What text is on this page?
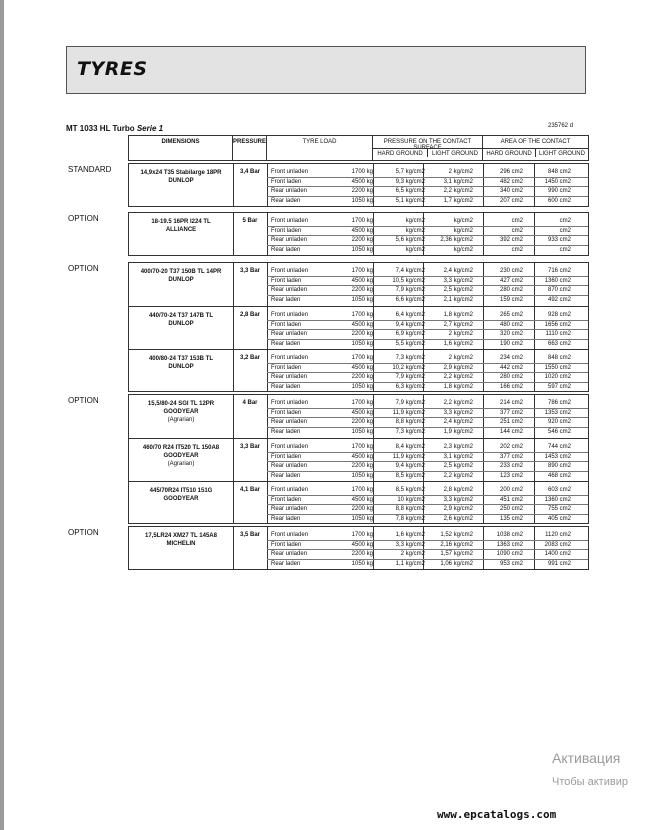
TYRES
MT 1033 HL Turbo Serie 1	235762 d
DIMENSIONS	PRESSURE	TYRE LOAD	PRESSURE ON THE CONTACT SURFACE
HARD GROUND	LIGHT GROUND
AREA OF THE CONTACT
HARD GROUND	LIGHT GROUND
STANDARD	14,9x24 T35 Stabilarge 18PR
DUNLOP
3,4 Bar	Front unladen	1700 kg	5,7 kg/cm2	2 kg/cm2	296 cm2	848 cm2
Front laden	4500 kg	9,3 kg/cm2	3,1 kg/cm2	482 cm2	1450 cm2
Rear unladen	2200 kg	6,5 kg/cm2	2,2 kg/cm2	340 cm2	990 cm2
Rear laden	1050 kg	5,1 kg/cm2	1,7 kg/cm2	207 cm2	600 cm2
OPTION	18-19.5 16PR I224 TL
ALLIANCE
5 Bar	Front unladen	1700 kg	kg/cm2	kg/cm2	cm2	cm2
Front laden	4500 kg	kg/cm2	kg/cm2	cm2	cm2
Rear unladen	2200 kg	5,6 kg/cm2	2,36 kg/cm2	392 cm2	933 cm2
Rear laden	1050 kg	kg/cm2	kg/cm2	cm2	cm2
OPTION	400/70-20 T37 150B TL 14PR
DUNLOP
3,3 Bar	Front unladen	1700 kg	7,4 kg/cm2	2,4 kg/cm2	230 cm2	716 cm2
Front laden	4500 kg	10,5 kg/cm2	3,3 kg/cm2	427 cm2	1360 cm2
Rear unladen	2200 kg	7,9 kg/cm2	2,5 kg/cm2	280 cm2	870 cm2
Rear laden	1050 kg	6,6 kg/cm2	2,1 kg/cm2	159 cm2	492 cm2
440/70-24 T37 147B TL
DUNLOP
2,8 Bar	Front unladen	1700 kg	6,4 kg/cm2	1,8 kg/cm2	265 cm2	928 cm2
Front laden	4500 kg	9,4 kg/cm2	2,7 kg/cm2	480 cm2	1656 cm2
Rear unladen	2200 kg	6,9 kg/cm2	2 kg/cm2	320 cm2	1110 cm2
Rear laden	1050 kg	5,5 kg/cm2	1,6 kg/cm2	190 cm2	663 cm2
400/80-24 T37 153B TL
DUNLOP
3,2 Bar	Front unladen	1700 kg	7,3 kg/cm2	2 kg/cm2	234 cm2	848 cm2
Front laden	4500 kg	10,2 kg/cm2	2,9 kg/cm2	442 cm2	1550 cm2
Rear unladen	2200 kg	7,9 kg/cm2	2,2 kg/cm2	280 cm2	1020 cm2
Rear laden	1050 kg	6,3 kg/cm2	1,8 kg/cm2	166 cm2	597 cm2
OPTION	15,5/80-24 SGI TL 12PR
GOODYEAR
(Agrarian)
4 Bar	Front unladen	1700 kg	7,9 kg/cm2	2,2 kg/cm2	214 cm2	786 cm2
Front laden	4500 kg	11,9 kg/cm2	3,3 kg/cm2	377 cm2	1353 cm2
Rear unladen	2200 kg	8,8 kg/cm2	2,4 kg/cm2	251 cm2	920 cm2
Rear laden	1050 kg	7,3 kg/cm2	1,9 kg/cm2	144 cm2	546 cm2
460/70 R24 IT520 TL 150A8
GOODYEAR
(Agrarian)
3,3 Bar	Front unladen	1700 kg	8,4 kg/cm2	2,3 kg/cm2	202 cm2	744 cm2
Front laden	4500 kg	11,9 kg/cm2	3,1 kg/cm2	377 cm2	1453 cm2
Rear unladen	2200 kg	9,4 kg/cm2	2,5 kg/cm2	233 cm2	890 cm2
Rear laden	1050 kg	8,5 kg/cm2	2,2 kg/cm2	123 cm2	468 cm2
445/70R24 IT510 151G
GOODYEAR
4,1 Bar	Front unladen	1700 kg	8,5 kg/cm2	2,8 kg/cm2	200 cm2	603 cm2
Front laden	4500 kg	10 kg/cm2	3,3 kg/cm2	451 cm2	1360 cm2
Rear unladen	2200 kg	8,8 kg/cm2	2,9 kg/cm2	250 cm2	755 cm2
Rear laden	1050 kg	7,8 kg/cm2	2,6 kg/cm2	135 cm2	405 cm2
OPTION	17,5LR24 XM27 TL 145A8
MICHELIN
3,5 Bar	Front unladen	1700 kg	1,6 kg/cm2	1,52 kg/cm2	1038 cm2	1120 cm2
Front laden	4500 kg	3,3 kg/cm2	2,16 kg/cm2	1363 cm2	2083 cm2
Rear unladen	2200 kg	2 kg/cm2	1,57 kg/cm2	1090 cm2	1400 cm2
Rear laden	1050 kg	1,1 kg/cm2	1,06 kg/cm2	953 cm2	991 cm2
Активация
Чтобы активир
www.epcatalogs.com
